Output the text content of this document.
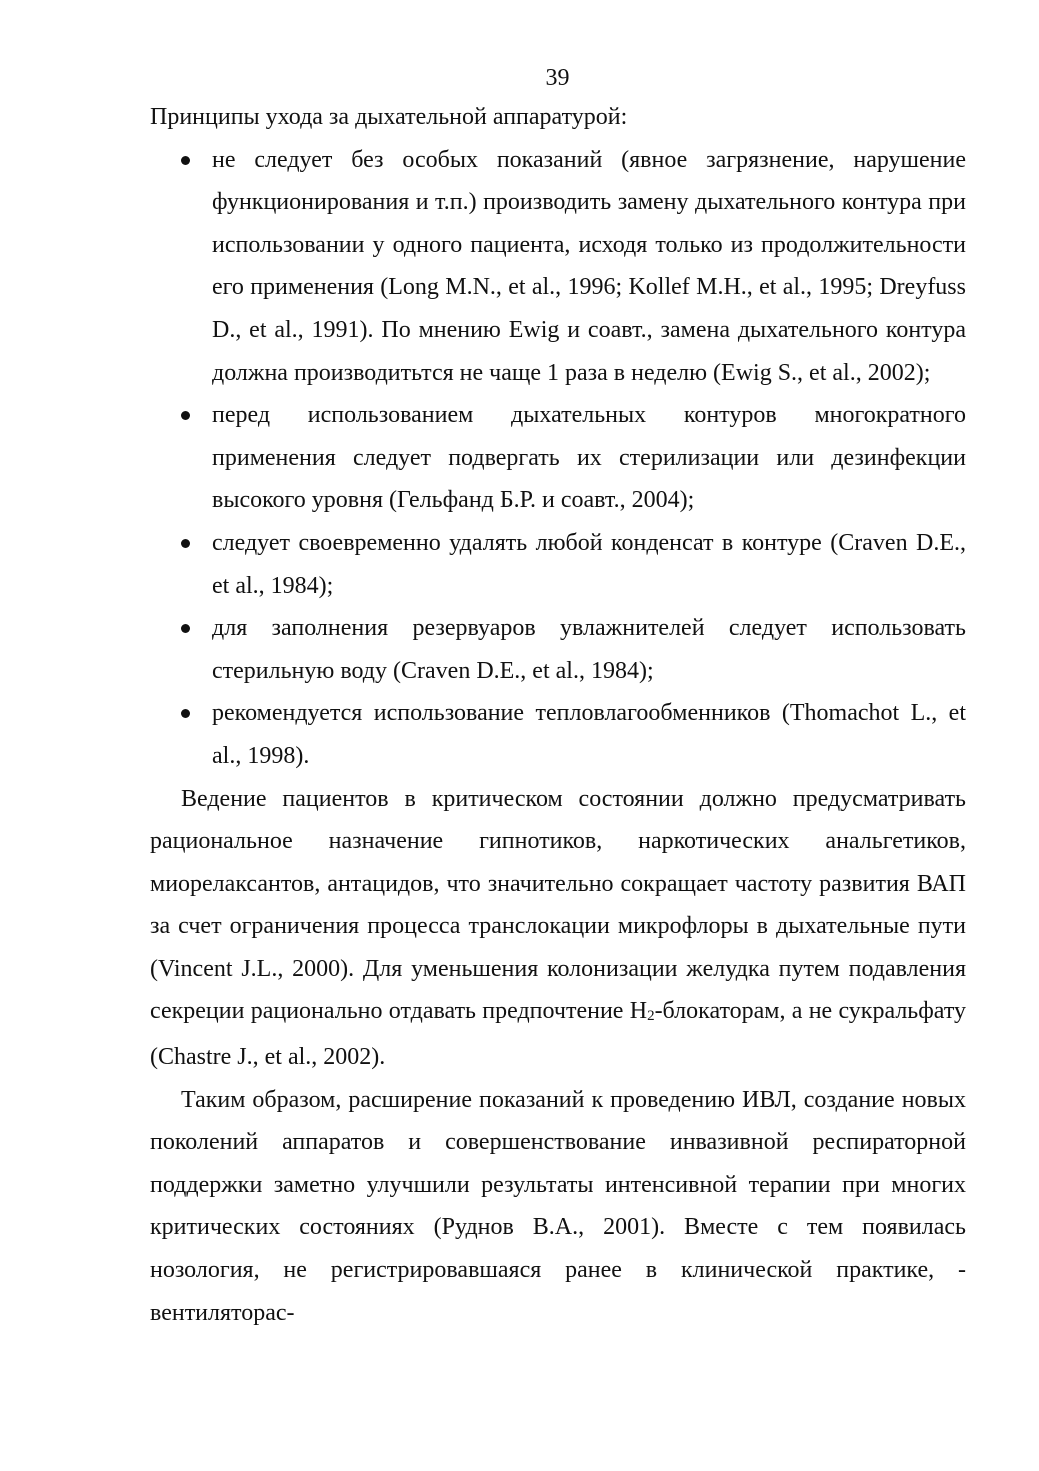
39

Принципы ухода за дыхательной аппаратурой:

не следует без особых показаний (явное загрязнение, нарушение функционирования и т.п.) производить замену дыхательного контура при использовании у одного пациента, исходя только из продолжительности его применения (Long M.N., et al., 1996; Kollef M.H., et al., 1995; Dreyfuss D., et al., 1991). По мнению Ewig и соавт., замена дыхательного контура должна производитьтся не чаще 1 раза в неделю (Ewig S., et al., 2002);
перед использованием дыхательных контуров многократного применения следует подвергать их стерилизации или дезинфекции высокого уровня (Гельфанд Б.Р. и соавт., 2004);
следует своевременно удалять любой конденсат в контуре (Craven D.E., et al., 1984);
для заполнения резервуаров увлажнителей следует использовать стерильную воду (Craven D.E., et al., 1984);
рекомендуется использование тепловлагообменников (Thomachot L., et al., 1998).

Ведение пациентов в критическом состоянии должно предусматривать рациональное назначение гипнотиков, наркотических анальгетиков, миорелаксантов, антацидов, что значительно сокращает частоту развития ВАП за счет ограничения процесса транслокации микрофлоры в дыхательные пути (Vincent J.L., 2000). Для уменьшения колонизации желудка путем подавления секреции рационально отдавать предпочтение $H_2$-блокаторам, а не сукральфату (Chastre J., et al., 2002).

Таким образом, расширение показаний к проведению ИВЛ, создание новых поколений аппаратов и совершенствование инвазивной респираторной поддержки заметно улучшили результаты интенсивной терапии при многих критических состояниях (Руднов В.А., 2001). Вместе с тем появилась нозология, не регистрировавшаяся ранее в клинической практике, - вентиляторас-
